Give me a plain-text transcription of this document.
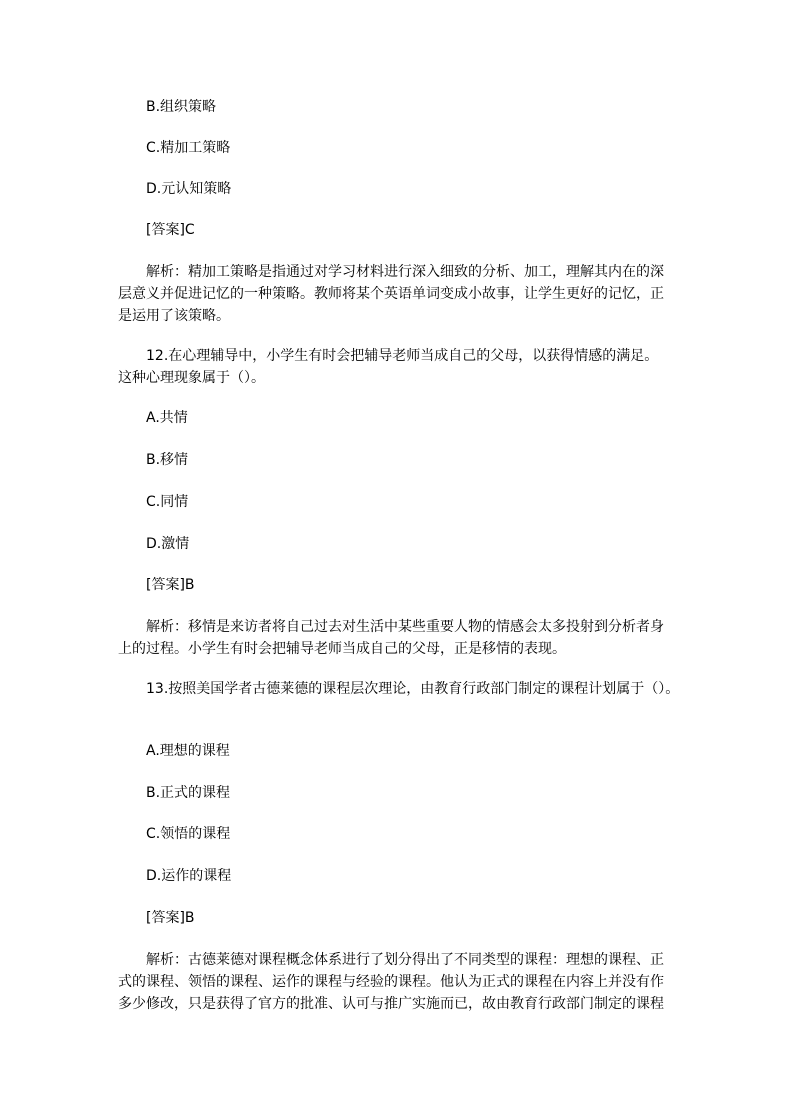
B.组织策略
C.精加工策略
D.元认知策略
[答案]C
解析：精加工策略是指通过对学习材料进行深入细致的分析、加工，理解其内在的深
层意义并促进记忆的一种策略。教师将某个英语单词变成小故事，让学生更好的记忆，正
是运用了该策略。
12.在心理辅导中，小学生有时会把辅导老师当成自己的父母，以获得情感的满足。
这种心理现象属于（）。
A.共情
B.移情
C.同情
D.激情
[答案]B
解析：移情是来访者将自己过去对生活中某些重要人物的情感会太多投射到分析者身
上的过程。小学生有时会把辅导老师当成自己的父母，正是移情的表现。
13.按照美国学者古德莱德的课程层次理论，由教育行政部门制定的课程计划属于（）。
A.理想的课程
B.正式的课程
C.领悟的课程
D.运作的课程
[答案]B
解析：古德莱德对课程概念体系进行了划分得出了不同类型的课程：理想的课程、正
式的课程、领悟的课程、运作的课程与经验的课程。他认为正式的课程在内容上并没有作
多少修改，只是获得了官方的批准、认可与推广实施而已，故由教育行政部门制定的课程
